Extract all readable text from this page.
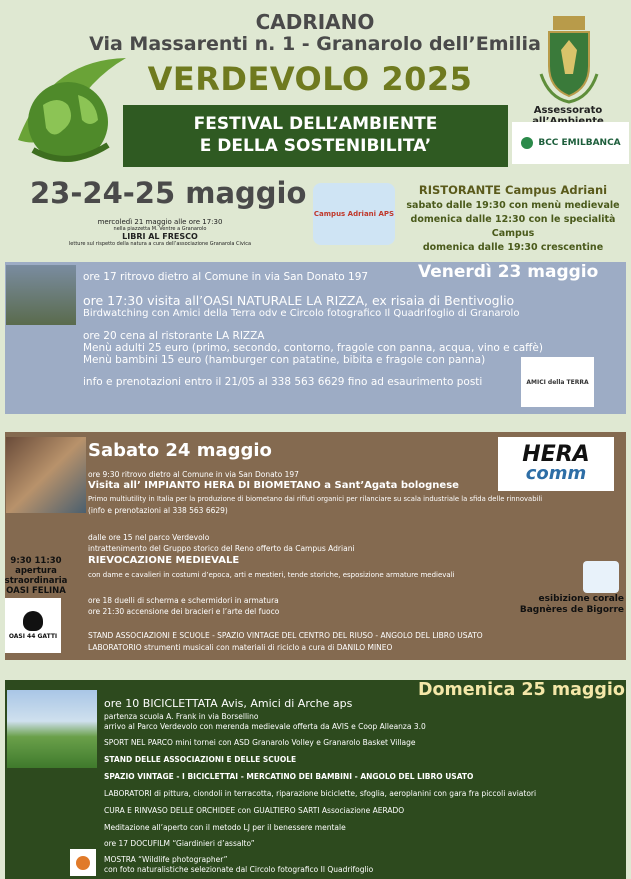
CADRIANO
Via Massarenti n. 1 - Granarolo dell’Emilia
VERDEVOLO 2025
FESTIVAL DELL’AMBIENTE
E DELLA SOSTENIBILITA’
Assessorato
BCC EMILBANCA
23-24-25 maggio
mercoledì 21 maggio alle ore 17:30
nella piazzetta M. Ventre a Granarolo
LIBRI AL FRESCO
letture sul rispetto della natura a cura dell’associazione Granarola Civica
Campus Adriani APS
RISTORANTE Campus Adriani
sabato dalle 19:30 con menù medievale
domenica dalle 12:30 con le specialità Campus
domenica dalle 19:30 crescentine
Venerdì 23 maggio
ore 17 ritrovo dietro al Comune in via San Donato 197
ore 17:30 visita all’OASI NATURALE LA RIZZA, ex risaia di Bentivoglio
Birdwatching con Amici della Terra odv e Circolo fotografico Il Quadrifoglio di Granarolo
ore 20 cena al ristorante LA RIZZA
Menù adulti 25 euro (primo, secondo, contorno, fragole con panna, acqua, vino e caffè)
Menù bambini 15 euro (hamburger con patatine, bibita e fragole con panna)
info e prenotazioni entro il 21/05 al 338 563 6629 fino ad esaurimento posti	AMICI della TERRA
Sabato 24 maggio	HERA
comm
ore 9:30 ritrovo dietro al Comune in via San Donato 197
Visita all’ IMPIANTO HERA DI BIOMETANO a Sant’Agata bolognese
Primo multiutility in Italia per la produzione di biometano dai rifiuti organici per rilanciare su scala industriale la sfida delle rinnovabili
(info e prenotazioni al 338 563 6629)
dalle ore 15 nel parco Verdevolo
intrattenimento del Gruppo storico del Reno offerto da Campus Adriani
RIEVOCAZIONE MEDIEVALE
con dame e cavalieri in costumi d’epoca, arti e mestieri, tende storiche, esposizione armature medievali
ore 18 duelli di scherma e schermidori in armatura
ore 21:30 accensione dei bracieri e l’arte del fuoco
STAND ASSOCIAZIONI E SCUOLE - SPAZIO VINTAGE DEL CENTRO DEL RIUSO - ANGOLO DEL LIBRO USATO
LABORATORIO strumenti musicali con materiali di riciclo a cura di DANILO MINEO
9:30 11:30
apertura
straordinaria
OASI FELINA
OASI 44 GATTI
esibizione corale
Bagnères de Bigorre
Domenica 25 maggio
ore 10 BICICLETTATA Avis, Amici di Arche aps
partenza scuola A. Frank in via Borsellino
arrivo al Parco Verdevolo con merenda medievale offerta da AVIS e Coop Alleanza 3.0
SPORT NEL PARCO mini tornei con ASD Granarolo Volley e Granarolo Basket Village
STAND DELLE ASSOCIAZIONI E DELLE SCUOLE
SPAZIO VINTAGE - I BICICLETTAI - MERCATINO DEI BAMBINI - ANGOLO DEL LIBRO USATO
LABORATORI di pittura, ciondoli in terracotta, riparazione biciclette, sfoglia, aeroplanini con gara fra piccoli aviatori
CURA E RINVASO DELLE ORCHIDEE con GUALTIERO SARTI Associazione AERADO
Meditazione all’aperto con il metodo LJ per il benessere mentale
ore 17 DOCUFILM “Giardinieri d’assalto”
MOSTRA “Wildlife photographer”
con foto naturalistiche selezionate dal Circolo fotografico Il Quadrifoglio
